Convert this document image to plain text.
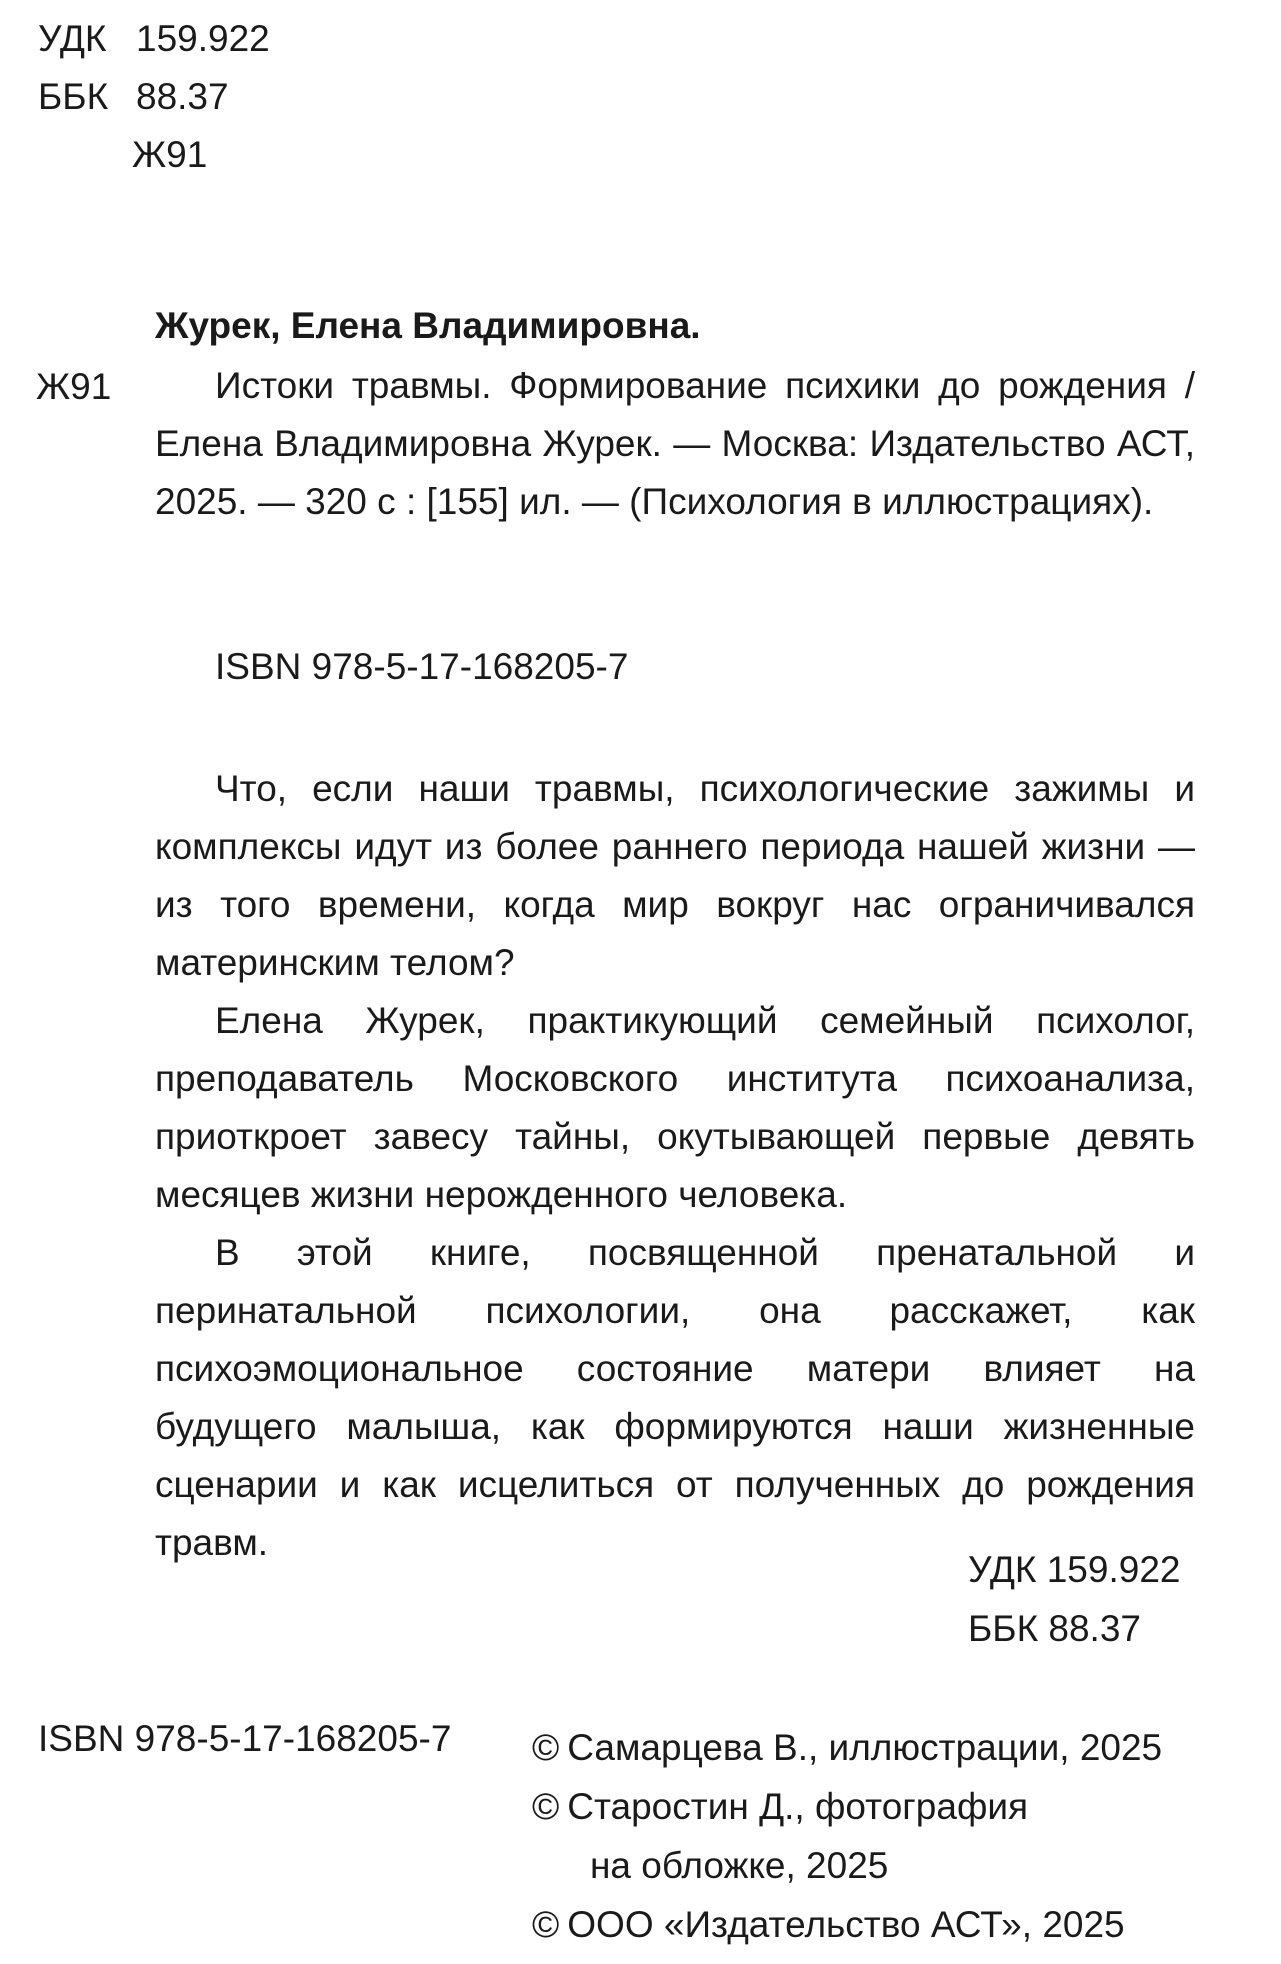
УДК 159.922
ББК 88.37
Ж91
Журек, Елена Владимировна.
Ж91	Истоки травмы. Формирование психики до рождения / Елена Владимировна Журек. — Москва: Издательство АСТ, 2025. — 320 с : [155] ил. — (Психология в иллюстрациях).

ISBN 978-5-17-168205-7

Что, если наши травмы, психологические зажимы и комплексы идут из более раннего периода нашей жизни — из того времени, когда мир вокруг нас ограничивался материнским телом?

Елена Журек, практикующий семейный психолог, преподаватель Московского института психоанализа, приоткроет завесу тайны, окутывающей первые девять месяцев жизни нерожденного человека.

В этой книге, посвященной пренатальной и перинатальной психологии, она расскажет, как психоэмоциональное состояние матери влияет на будущего малыша, как формируются наши жизненные сценарии и как исцелиться от полученных до рождения травм.

УДК 159.922
ББК 88.37
ISBN 978-5-17-168205-7 © Самарцева В., иллюстрации, 2025
© Старостин Д., фотография
на обложке, 2025
© ООО «Издательство АСТ», 2025
